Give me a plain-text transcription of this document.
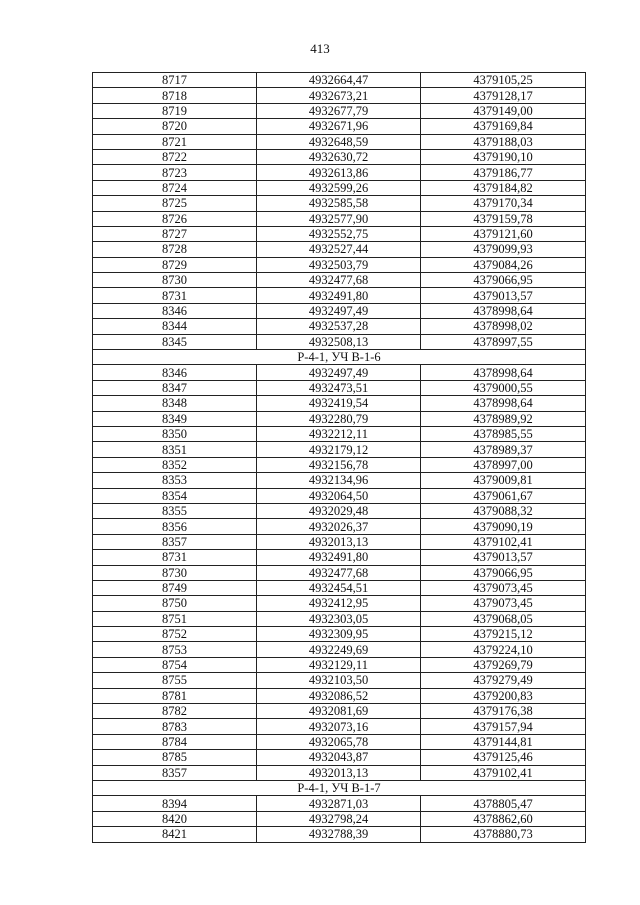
413
8717	4932664,47	4379105,25
8718	4932673,21	4379128,17
8719	4932677,79	4379149,00
8720	4932671,96	4379169,84
8721	4932648,59	4379188,03
8722	4932630,72	4379190,10
8723	4932613,86	4379186,77
8724	4932599,26	4379184,82
8725	4932585,58	4379170,34
8726	4932577,90	4379159,78
8727	4932552,75	4379121,60
8728	4932527,44	4379099,93
8729	4932503,79	4379084,26
8730	4932477,68	4379066,95
8731	4932491,80	4379013,57
8346	4932497,49	4378998,64
8344	4932537,28	4378998,02
8345	4932508,13	4378997,55
Р-4-1, УЧ В-1-6		
8346	4932497,49	4378998,64
8347	4932473,51	4379000,55
8348	4932419,54	4378998,64
8349	4932280,79	4378989,92
8350	4932212,11	4378985,55
8351	4932179,12	4378989,37
8352	4932156,78	4378997,00
8353	4932134,96	4379009,81
8354	4932064,50	4379061,67
8355	4932029,48	4379088,32
8356	4932026,37	4379090,19
8357	4932013,13	4379102,41
8731	4932491,80	4379013,57
8730	4932477,68	4379066,95
8749	4932454,51	4379073,45
8750	4932412,95	4379073,45
8751	4932303,05	4379068,05
8752	4932309,95	4379215,12
8753	4932249,69	4379224,10
8754	4932129,11	4379269,79
8755	4932103,50	4379279,49
8781	4932086,52	4379200,83
8782	4932081,69	4379176,38
8783	4932073,16	4379157,94
8784	4932065,78	4379144,81
8785	4932043,87	4379125,46
8357	4932013,13	4379102,41
Р-4-1, УЧ В-1-7		
8394	4932871,03	4378805,47
8420	4932798,24	4378862,60
8421	4932788,39	4378880,73
